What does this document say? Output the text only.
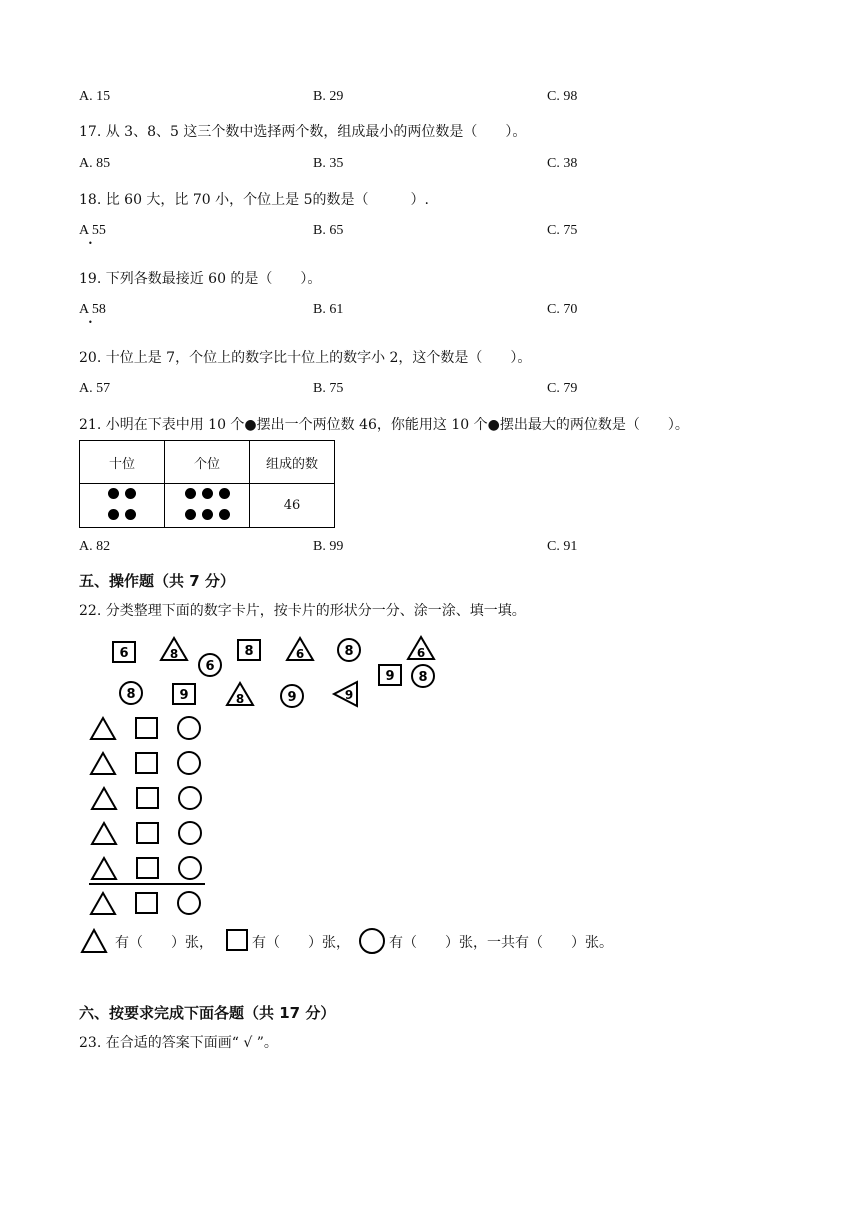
A. 15	B. 29	C. 98
17. 从 3、8、5 这三个数中选择两个数，组成最小的两位数是（　　）。
A. 85	B. 35	C. 38
18. 比 60 大，比 70 小，个位上是 5的数是（　　　）.
A 55
•
B. 65	C. 75
19. 下列各数最接近 60 的是（　　）。
A 58
•
B. 61	C. 70
20. 十位上是 7，个位上的数字比十位上的数字小 2，这个数是（　　）。
A. 57	B. 75	C. 79
21. 小明在下表中用 10 个●摆出一个两位数 46，你能用这 10 个●摆出最大的两位数是（　　）。
十位	个位	组成的数
		46
A. 82	B. 99	C. 91
五、操作题（共 7 分）
22. 分类整理下面的数字卡片，按卡片的形状分一分、涂一涂、填一填。
6	8
6
8	6	8	6
9 8
8	9	8	9	9
有（　　）张，	有（　　）张，	有（　　）张，一共有（　　）张。
六、按要求完成下面各题（共 17 分）
23. 在合适的答案下面画“ √ ”。
